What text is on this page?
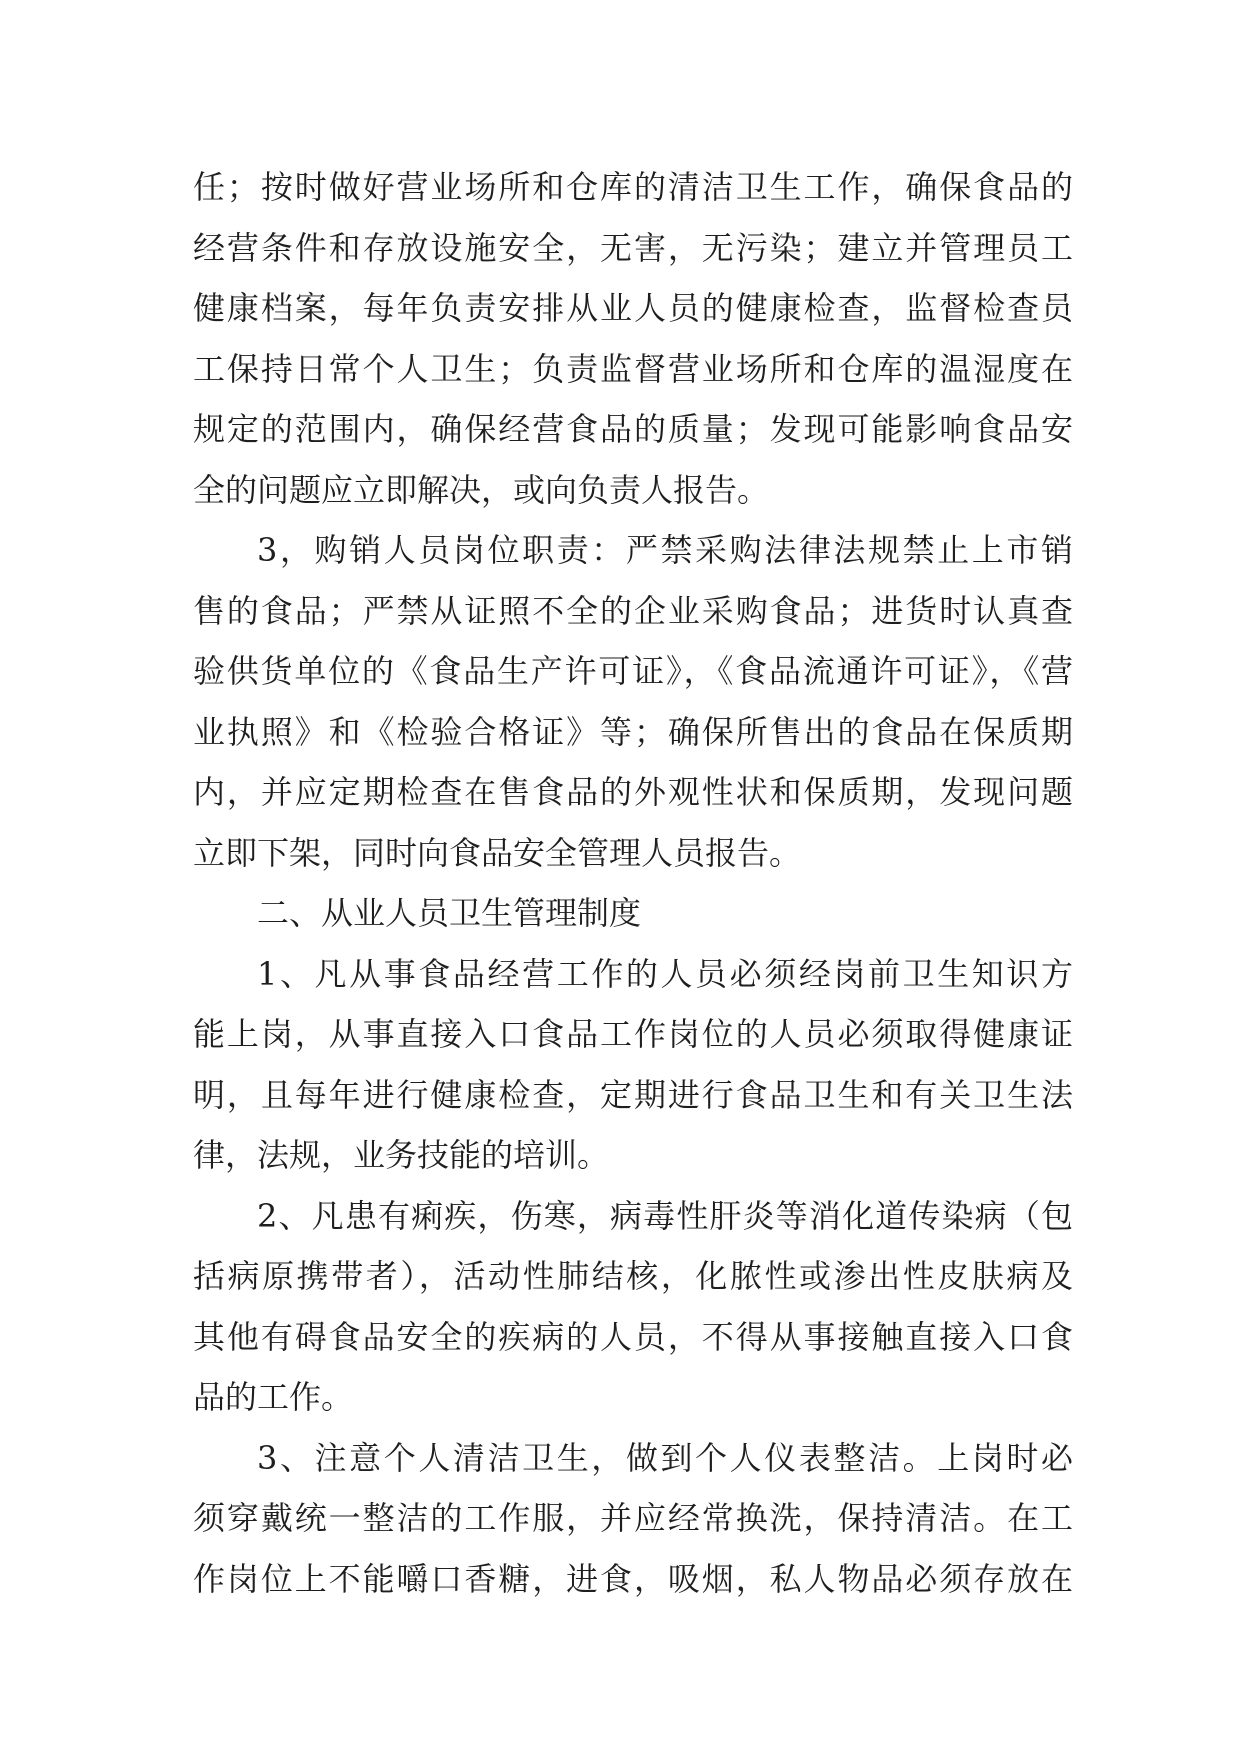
任；按时做好营业场所和仓库的清洁卫生工作，确保食品的
经营条件和存放设施安全，无害，无污染；建立并管理员工
健康档案，每年负责安排从业人员的健康检查，监督检查员
工保持日常个人卫生；负责监督营业场所和仓库的温湿度在
规定的范围内，确保经营食品的质量；发现可能影响食品安
全的问题应立即解决，或向负责人报告。
3，购销人员岗位职责：严禁采购法律法规禁止上市销
售的食品；严禁从证照不全的企业采购食品；进货时认真查
验供货单位的《食品生产许可证》，《食品流通许可证》，《营
业执照》和《检验合格证》等；确保所售出的食品在保质期
内，并应定期检查在售食品的外观性状和保质期，发现问题
立即下架，同时向食品安全管理人员报告。
二、从业人员卫生管理制度
1、凡从事食品经营工作的人员必须经岗前卫生知识方
能上岗，从事直接入口食品工作岗位的人员必须取得健康证
明，且每年进行健康检查，定期进行食品卫生和有关卫生法
律，法规，业务技能的培训。
2、凡患有痢疾，伤寒，病毒性肝炎等消化道传染病（包
括病原携带者），活动性肺结核，化脓性或渗出性皮肤病及
其他有碍食品安全的疾病的人员，不得从事接触直接入口食
品的工作。
3、注意个人清洁卫生，做到个人仪表整洁。上岗时必
须穿戴统一整洁的工作服，并应经常换洗，保持清洁。在工
作岗位上不能嚼口香糖，进食，吸烟，私人物品必须存放在
